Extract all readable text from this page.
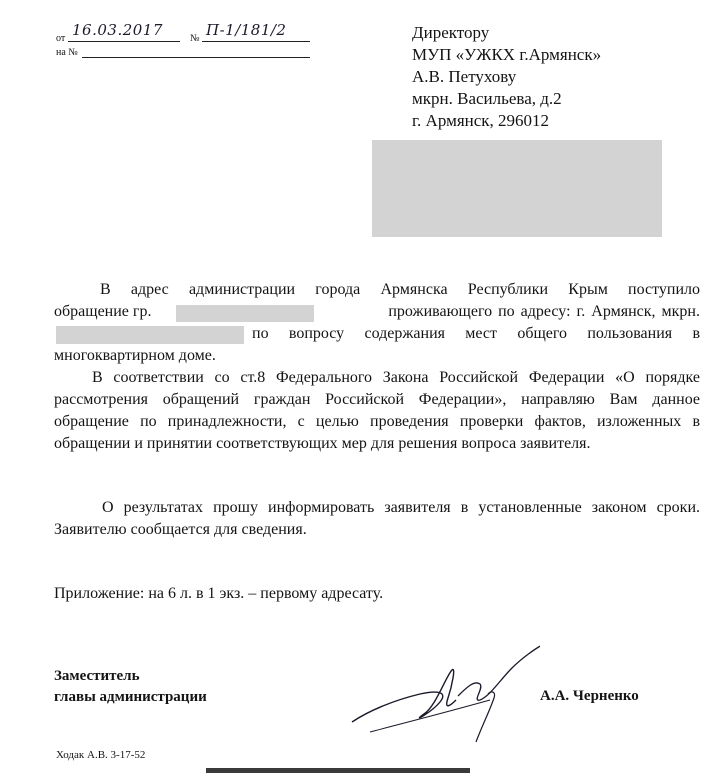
от 16.03.2017	№ П-1/181/2
на №
Директору
МУП «УЖКХ г.Армянск»
А.В. Петухову
мкрн. Васильева, д.2
г. Армянск, 296012
В адрес администрации города Армянска Республики Крым поступило
обращение гр.	проживающего по адресу: г. Армянск, мкрн.
по вопросу содержания мест общего пользования в
многоквартирном доме.
В соответствии со ст.8 Федерального Закона Российской Федерации «О порядке рассмотрения обращений граждан Российской Федерации», направляю Вам данное обращение по принадлежности, с целью проведения проверки фактов, изложенных в обращении и принятии соответствующих мер для решения вопроса заявителя.
О результатах прошу информировать заявителя в установленные законом сроки. Заявителю сообщается для сведения.
Приложение: на 6 л. в 1 экз. – первому адресату.
Заместитель
главы администрации	А.А. Черненко
Ходак А.В. 3-17-52
